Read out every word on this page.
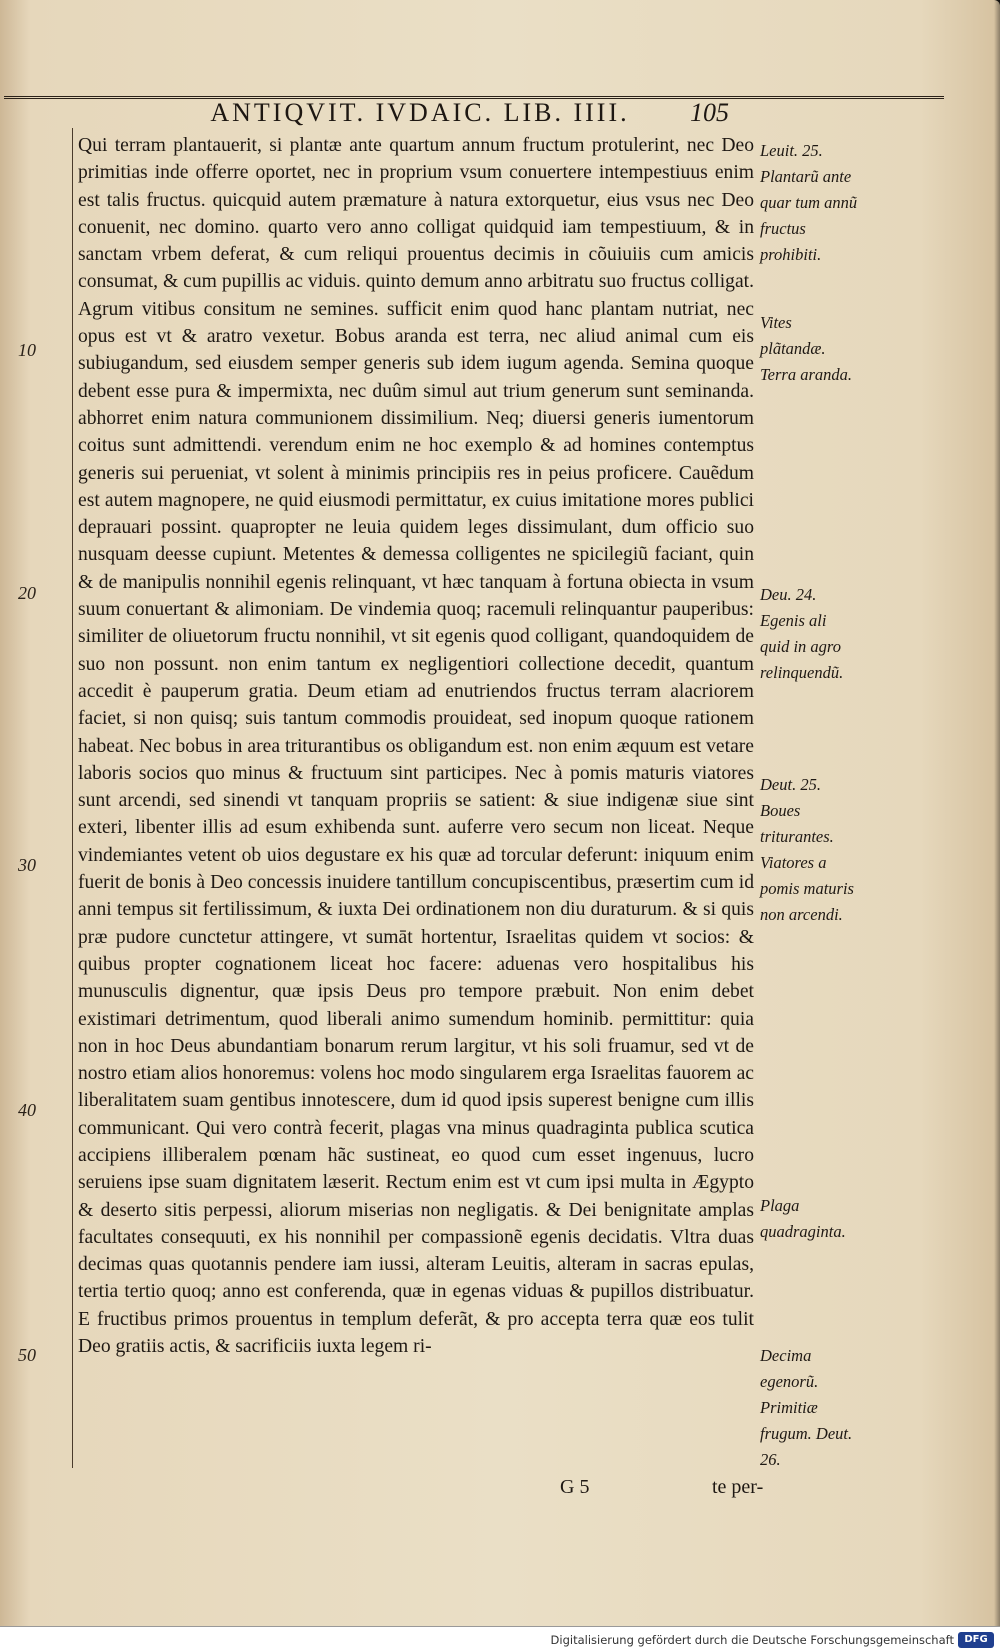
ANTIQVIT. IVDAIC. LIB. IIII.	105
10
20
30
40
50

Qui terram plantauerit, si plantæ ante quartum annum fructum protulerint, nec Deo primitias inde offerre oportet, nec in proprium vsum conuertere intempestiuus enim est talis fructus. quicquid autem præmature à natura extorquetur, eius vsus nec Deo conuenit, nec domino. quarto vero anno colligat quidquid iam tempestiuum, & in sanctam vrbem deferat, & cum reliqui prouentus decimis in cõuiuiis cum amicis consumat, & cum pupillis ac viduis. quinto demum anno arbitratu suo fructus colligat. Agrum vitibus consitum ne semines. sufficit enim quod hanc plantam nutriat, nec opus est vt & aratro vexetur. Bobus aranda est terra, nec aliud animal cum eis subiugandum, sed eiusdem semper generis sub idem iugum agenda. Semina quoque debent esse pura & impermixta, nec duûm simul aut trium generum sunt seminanda. abhorret enim natura communionem dissimilium. Neq; diuersi generis iumentorum coitus sunt admittendi. verendum enim ne hoc exemplo & ad homines contemptus generis sui perueniat, vt solent à minimis principiis res in peius proficere. Cauẽdum est autem magnopere, ne quid eiusmodi permittatur, ex cuius imitatione mores publici deprauari possint. quapropter ne leuia quidem leges dissimulant, dum officio suo nusquam deesse cupiunt. Metentes & demessa colligentes ne spicilegiũ faciant, quin & de manipulis nonnihil egenis relinquant, vt hæc tanquam à fortuna obiecta in vsum suum conuertant & alimoniam. De vindemia quoq; racemuli relinquantur pauperibus: similiter de oliuetorum fructu nonnihil, vt sit egenis quod colligant, quandoquidem de suo non possunt. non enim tantum ex negligentiori collectione decedit, quantum accedit è pauperum gratia. Deum etiam ad enutriendos fructus terram alacriorem faciet, si non quisq; suis tantum commodis prouideat, sed inopum quoque rationem habeat. Nec bobus in area triturantibus os obligandum est. non enim æquum est vetare laboris socios quo minus & fructuum sint participes. Nec à pomis maturis viatores sunt arcendi, sed sinendi vt tanquam propriis se satient: & siue indigenæ siue sint exteri, libenter illis ad esum exhibenda sunt. auferre vero secum non liceat. Neque vindemiantes vetent ob uios degustare ex his quæ ad torcular deferunt: iniquum enim fuerit de bonis à Deo concessis inuidere tantillum concupiscentibus, præsertim cum id anni tempus sit fertilissimum, & iuxta Dei ordinationem non diu duraturum. & si quis præ pudore cunctetur attingere, vt sumāt hortentur, Israelitas quidem vt socios: & quibus propter cognationem liceat hoc facere: aduenas vero hospitalibus his munusculis dignentur, quæ ipsis Deus pro tempore præbuit. Non enim debet existimari detrimentum, quod liberali animo sumendum hominib. permittitur: quia non in hoc Deus abundantiam bonarum rerum largitur, vt his soli fruamur, sed vt de nostro etiam alios honoremus: volens hoc modo singularem erga Israelitas fauorem ac liberalitatem suam gentibus innotescere, dum id quod ipsis superest benigne cum illis communicant. Qui vero contrà fecerit, plagas vna minus quadraginta publica scutica accipiens illiberalem pœnam hãc sustineat, eo quod cum esset ingenuus, lucro seruiens ipse suam dignitatem læserit. Rectum enim est vt cum ipsi multa in Ægypto & deserto sitis perpessi, aliorum miserias non negligatis. & Dei benignitate amplas facultates consequuti, ex his nonnihil per compassionẽ egenis decidatis. Vltra duas decimas quas quotannis pendere iam iussi, alteram Leuitis, alteram in sacras epulas, tertia tertio quoq; anno est conferenda, quæ in egenas viduas & pupillos distribuatur. E fructibus primos prouentus in templum deferãt, & pro accepta terra quæ eos tulit Deo gratiis actis, & sacrificiis iuxta legem ri-

Leuit. 25. Plantarũ ante quar tum annũ fructus prohibiti.
Vites plãtandæ. Terra aranda.
Deu. 24. Egenis ali quid in agro relinquendũ.
Deut. 25. Boues triturantes. Viatores a pomis maturis non arcendi.
Plaga quadraginta.
Decima egenorũ. Primitiæ frugum. Deut. 26.
G 5	te per-
Digitalisierung gefördert durch die Deutsche Forschungsgemeinschaft	DFG
